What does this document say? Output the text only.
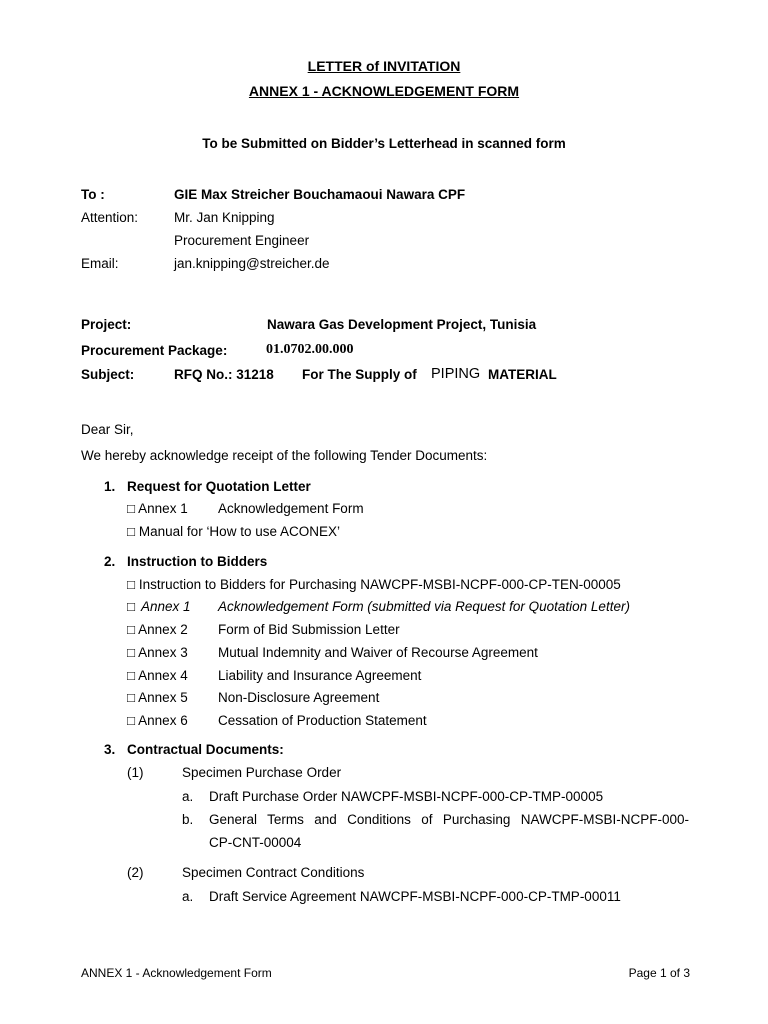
LETTER of INVITATION
ANNEX 1 - ACKNOWLEDGEMENT FORM
To be Submitted on Bidder’s Letterhead in scanned form
To :	GIE Max Streicher Bouchamaoui Nawara CPF
Attention:	Mr. Jan Knipping
Procurement Engineer
Email:	jan.knipping@streicher.de
Project:	Nawara Gas Development Project, Tunisia
Procurement Package:	01.0702.00.000
Subject:	RFQ No.: 31218 For The Supply of PIPING MATERIAL
Dear Sir,
We hereby acknowledge receipt of the following Tender Documents:
1. Request for Quotation Letter
□ Annex 1 Acknowledgement Form
□ Manual for ‘How to use ACONEX’
2. Instruction to Bidders
□ Instruction to Bidders for Purchasing NAWCPF-MSBI-NCPF-000-CP-TEN-00005
□ Annex 1 Acknowledgement Form (submitted via Request for Quotation Letter)
□ Annex 2 Form of Bid Submission Letter
□ Annex 3 Mutual Indemnity and Waiver of Recourse Agreement
□ Annex 4 Liability and Insurance Agreement
□ Annex 5 Non-Disclosure Agreement
□ Annex 6 Cessation of Production Statement
3. Contractual Documents:
(1)	Specimen Purchase Order
a. Draft Purchase Order NAWCPF-MSBI-NCPF-000-CP-TMP-00005
b. General Terms and Conditions of Purchasing NAWCPF-MSBI-NCPF-000-
CP-CNT-00004
(2)	Specimen Contract Conditions
a. Draft Service Agreement NAWCPF-MSBI-NCPF-000-CP-TMP-00011
ANNEX 1 - Acknowledgement Form	Page 1 of 3
